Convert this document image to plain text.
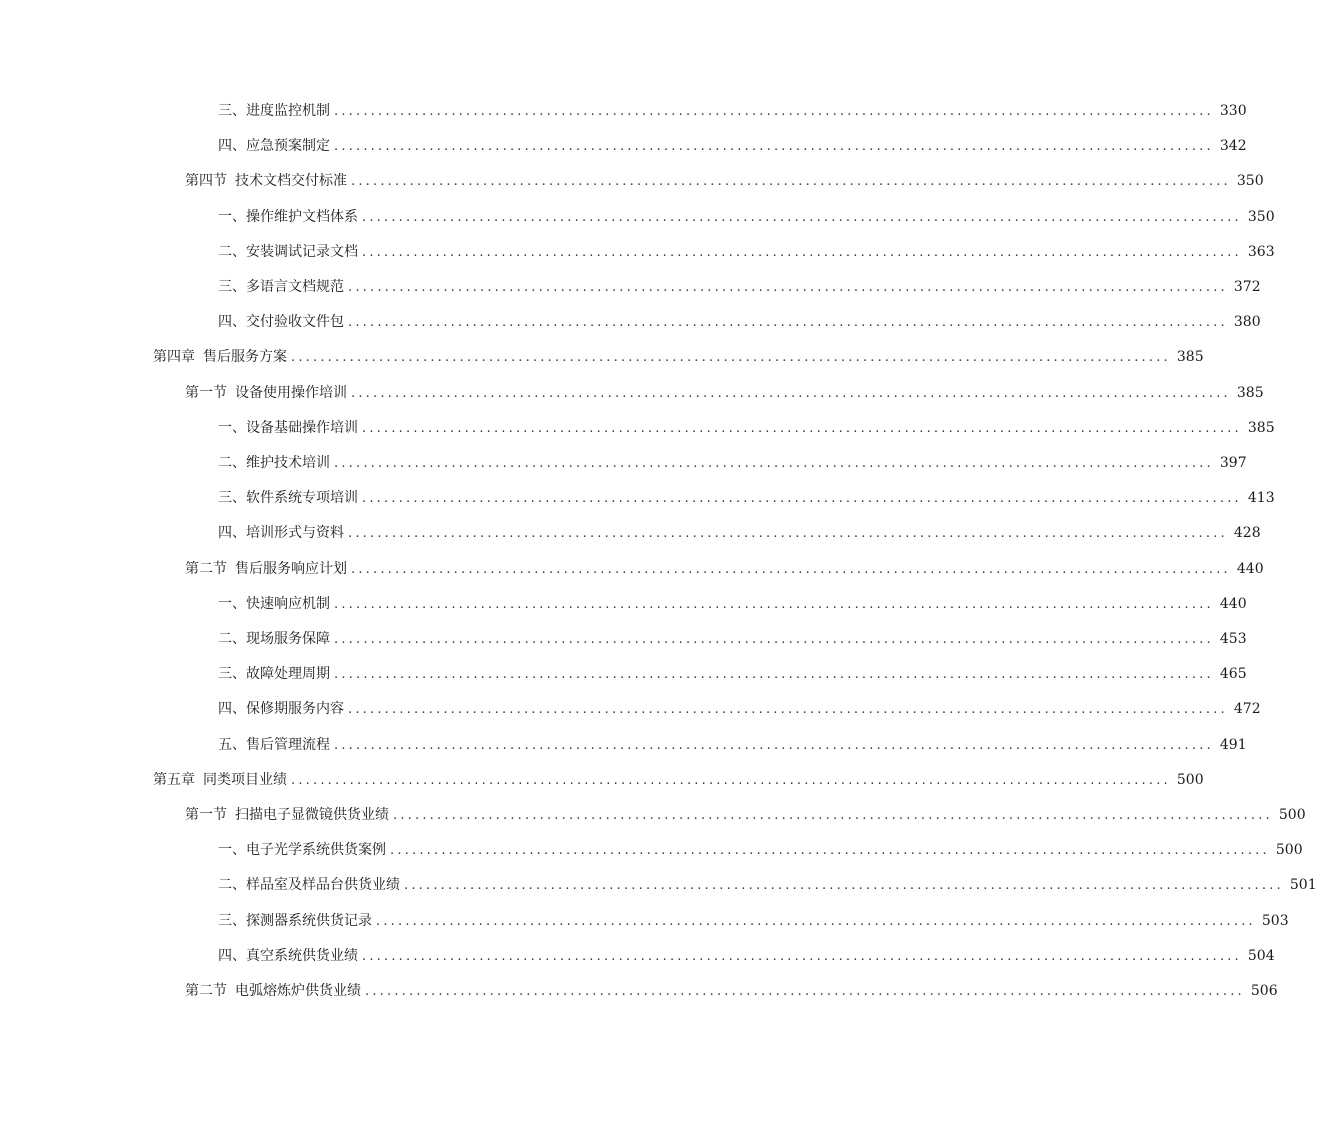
三、 进度监控机制 ........................................................................................................................ 330
四、 应急预案制定 ........................................................................................................................ 342
第四节 技术文档交付标准 ........................................................................................................................ 350
一、 操作维护文档体系 ........................................................................................................................ 350
二、 安装调试记录文档 ........................................................................................................................ 363
三、 多语言文档规范 ........................................................................................................................ 372
四、 交付验收文件包 ........................................................................................................................ 380
第四章 售后服务方案 ........................................................................................................................ 385
第一节 设备使用操作培训 ........................................................................................................................ 385
一、 设备基础操作培训 ........................................................................................................................ 385
二、 维护技术培训 ........................................................................................................................ 397
三、 软件系统专项培训 ........................................................................................................................ 413
四、 培训形式与资料 ........................................................................................................................ 428
第二节 售后服务响应计划 ........................................................................................................................ 440
一、 快速响应机制 ........................................................................................................................ 440
二、 现场服务保障 ........................................................................................................................ 453
三、 故障处理周期 ........................................................................................................................ 465
四、 保修期服务内容 ........................................................................................................................ 472
五、 售后管理流程 ........................................................................................................................ 491
第五章 同类项目业绩 ........................................................................................................................ 500
第一节 扫描电子显微镜供货业绩 ........................................................................................................................ 500
一、 电子光学系统供货案例 ........................................................................................................................ 500
二、 样品室及样品台供货业绩 ........................................................................................................................ 501
三、 探测器系统供货记录 ........................................................................................................................ 503
四、 真空系统供货业绩 ........................................................................................................................ 504
第二节 电弧熔炼炉供货业绩 ........................................................................................................................ 506
